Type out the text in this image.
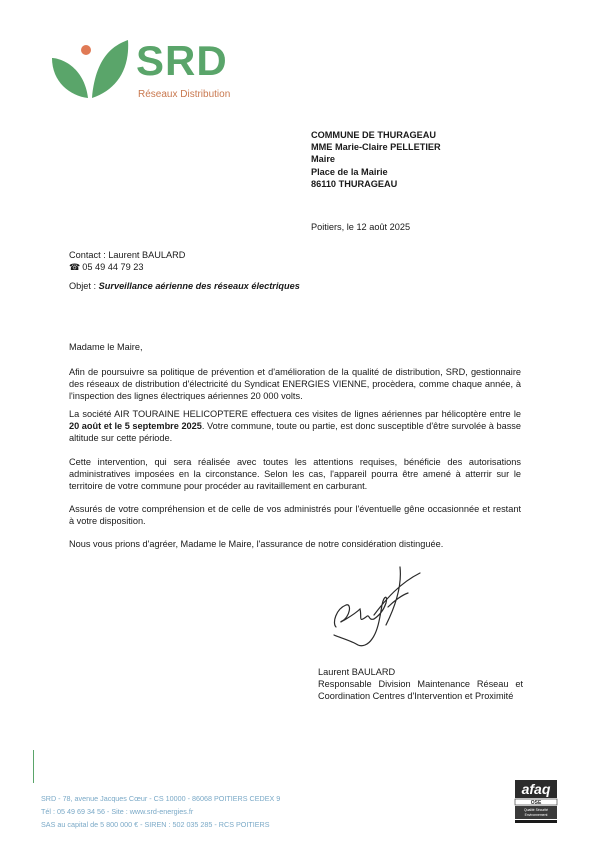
SRD
Réseaux Distribution
COMMUNE DE THURAGEAU
MME Marie-Claire PELLETIER
Maire
Place de la Mairie
86110 THURAGEAU
Poitiers, le 12 août 2025
Contact : Laurent BAULARD
☎ 05 49 44 79 23
Objet : Surveillance aérienne des réseaux électriques
Madame le Maire,
Afin de poursuivre sa politique de prévention et d'amélioration de la qualité de distribution, SRD, gestionnaire des réseaux de distribution d'électricité du Syndicat ENERGIES VIENNE, procèdera, comme chaque année, à l'inspection des lignes électriques aériennes 20 000 volts.
La société AIR TOURAINE HELICOPTERE effectuera ces visites de lignes aériennes par hélicoptère entre le 20 août et le 5 septembre 2025. Votre commune, toute ou partie, est donc susceptible d'être survolée à basse altitude sur cette période.
Cette intervention, qui sera réalisée avec toutes les attentions requises, bénéficie des autorisations administratives imposées en la circonstance. Selon les cas, l'appareil pourra être amené à atterrir sur le territoire de votre commune pour procéder au ravitaillement en carburant.
Assurés de votre compréhension et de celle de vos administrés pour l'éventuelle gêne occasionnée et restant à votre disposition.
Nous vous prions d'agréer, Madame le Maire, l'assurance de notre considération distinguée.
Laurent BAULARD
Responsable Division Maintenance Réseau et Coordination Centres d'Intervention et Proximité
SRD - 78, avenue Jacques Cœur - CS 10000 - 86068 POITIERS CEDEX 9
Tél : 05 49 69 34 56 - Site : www.srd-energies.fr
SAS au capital de 5 800 000 € - SIREN : 502 035 285 - RCS POITIERS
afaq
OSE
Qualité Sécurité
Environnement
